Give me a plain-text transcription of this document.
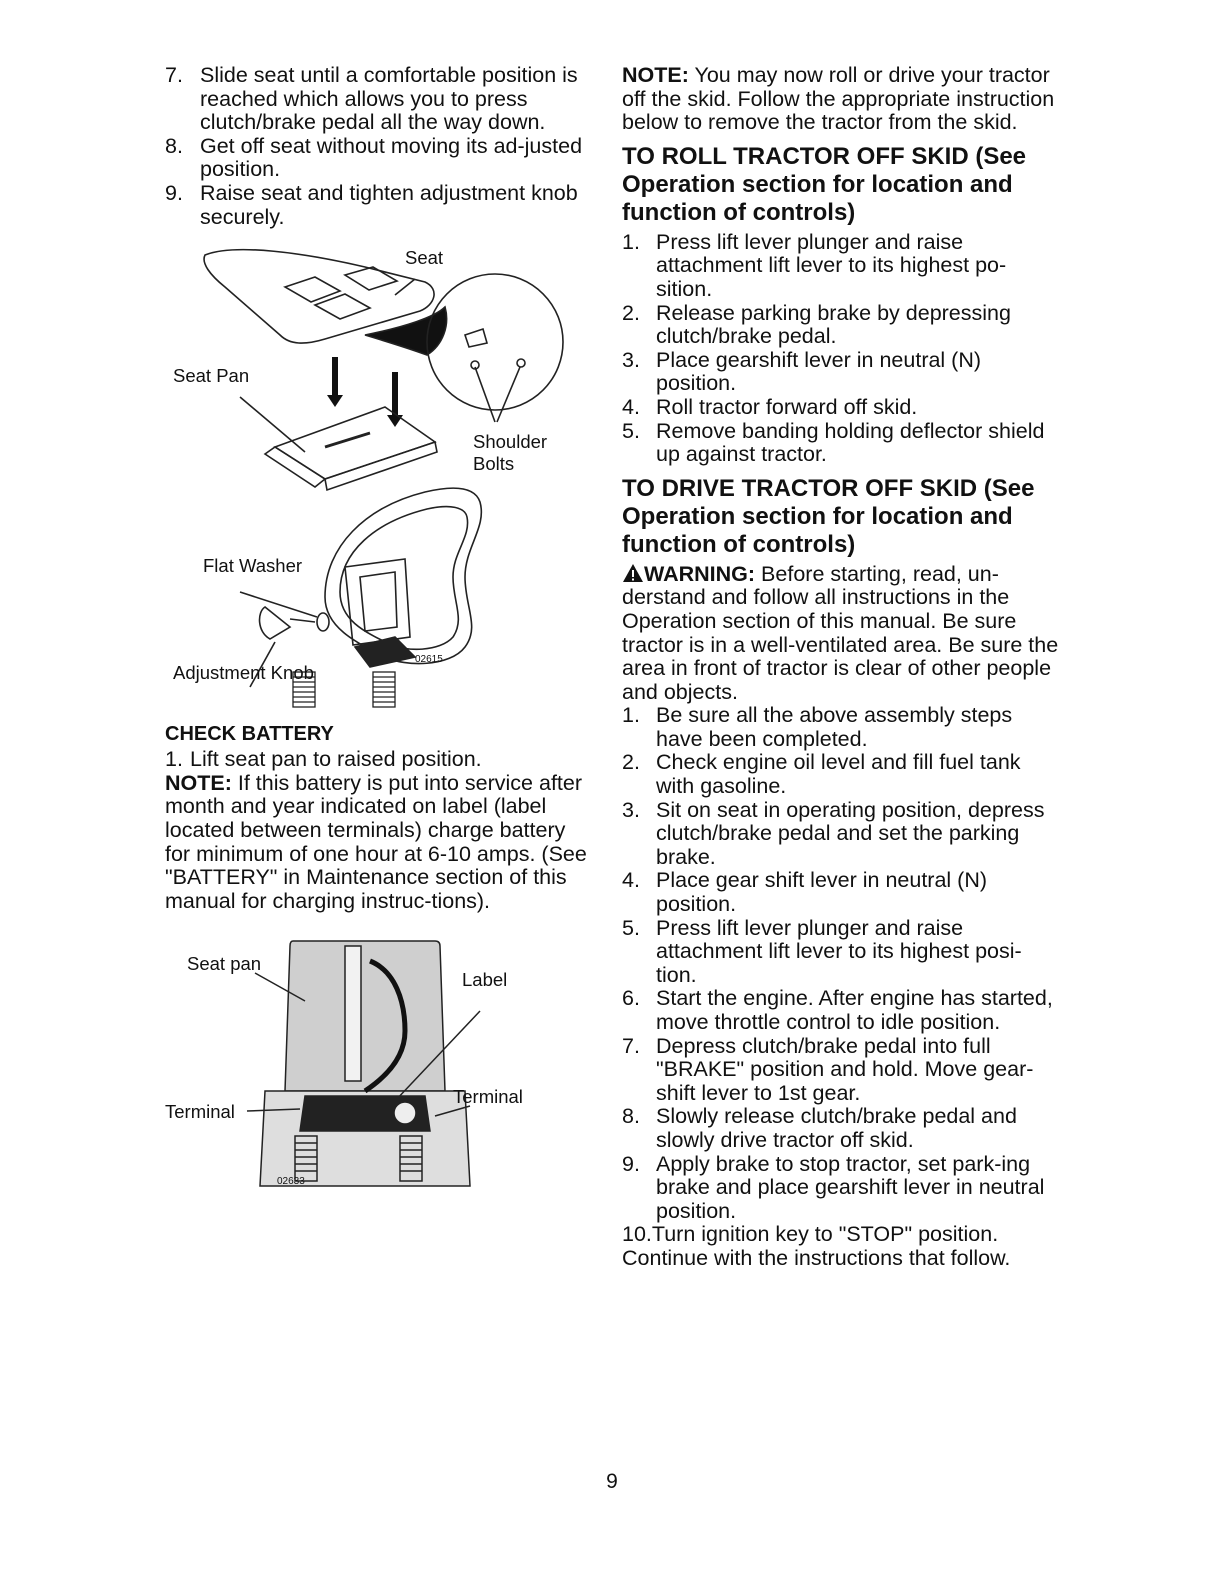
7. Slide seat until a comfortable position is reached which allows you to press clutch/brake pedal all the way down.
8. Get off seat without moving its ad-justed position.
9. Raise seat and tighten adjustment knob securely.
Seat
Seat Pan
Shoulder Bolts
Flat Washer
Adjustment Knob
02615
CHECK BATTERY
1. Lift seat pan to raised position.

NOTE: If this battery is put into service after month and year indicated on label (label located between terminals) charge battery for minimum of one hour at 6-10 amps. (See "BATTERY" in Maintenance section of this manual for charging instruc-tions).

Seat pan
Label
Terminal
Terminal
02633

NOTE: You may now roll or drive your tractor off the skid. Follow the appropriate instruction below to remove the tractor from the skid.

TO ROLL TRACTOR OFF SKID (See Operation section for location and function of controls)
1. Press lift lever plunger and raise attachment lift lever to its highest po-sition.
2. Release parking brake by depressing clutch/brake pedal.
3. Place gearshift lever in neutral (N) position.
4. Roll tractor forward off skid.
5. Remove banding holding deflector shield up against tractor.
TO DRIVE TRACTOR OFF SKID (See Operation section for location and function of controls)

WARNING: Before starting, read, un-derstand and follow all instructions in the Operation section of this manual. Be sure tractor is in a well-ventilated area. Be sure the area in front of tractor is clear of other people and objects.

1. Be sure all the above assembly steps have been completed.
2. Check engine oil level and fill fuel tank with gasoline.
3. Sit on seat in operating position, depress clutch/brake pedal and set the parking brake.
4. Place gear shift lever in neutral (N) position.
5. Press lift lever plunger and raise attachment lift lever to its highest posi-tion.
6. Start the engine. After engine has started, move throttle control to idle position.
7. Depress clutch/brake pedal into full "BRAKE" position and hold. Move gear-shift lever to 1st gear.
8. Slowly release clutch/brake pedal and slowly drive tractor off skid.
9. Apply brake to stop tractor, set park-ing brake and place gearshift lever in neutral position.
10.Turn ignition key to "STOP" position.

Continue with the instructions that follow.

9
